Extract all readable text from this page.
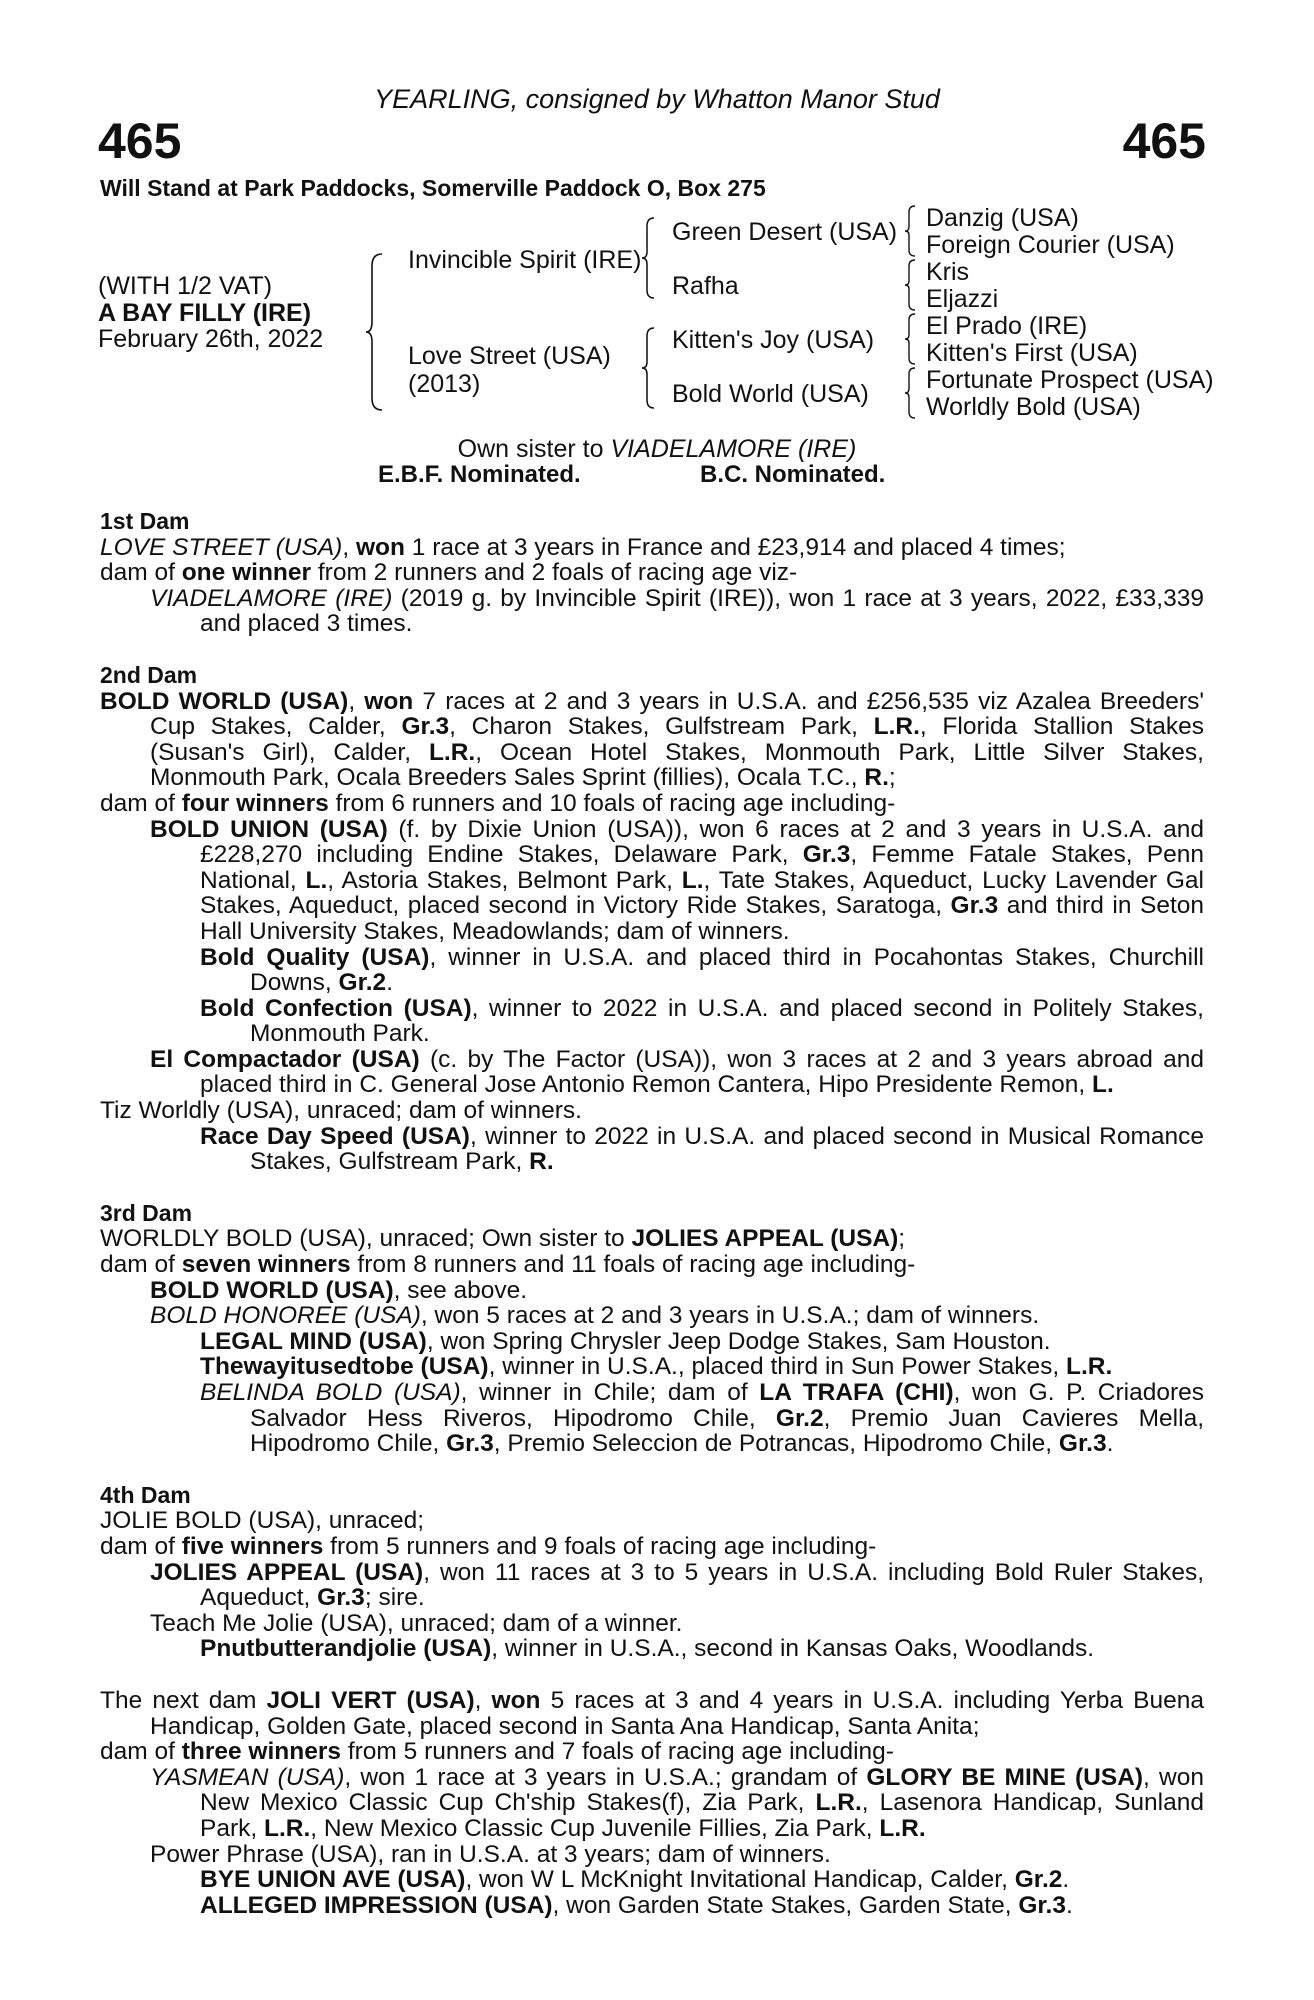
YEARLING, consigned by Whatton Manor Stud
465	465
Will Stand at Park Paddocks, Somerville Paddock O, Box 275
(WITH 1/2 VAT)
A BAY FILLY (IRE)
February 26th, 2022
Invincible Spirit (IRE)
Love Street (USA)
(2013)
Green Desert (USA)
Rafha
Kitten's Joy (USA)
Bold World (USA)
Danzig (USA)
Foreign Courier (USA)
Kris
Eljazzi
El Prado (IRE)
Kitten's First (USA)
Fortunate Prospect (USA)
Worldly Bold (USA)
Own sister to VIADELAMORE (IRE)
E.B.F. Nominated.	B.C. Nominated.
1st Dam
LOVE STREET (USA), won 1 race at 3 years in France and £23,914 and placed 4 times;
dam of one winner from 2 runners and 2 foals of racing age viz-
VIADELAMORE (IRE) (2019 g. by Invincible Spirit (IRE)), won 1 race at 3 years, 2022, £33,339 and placed 3 times.
2nd Dam
BOLD WORLD (USA), won 7 races at 2 and 3 years in U.S.A. and £256,535 viz Azalea Breeders' Cup Stakes, Calder, Gr.3, Charon Stakes, Gulfstream Park, L.R., Florida Stallion Stakes (Susan's Girl), Calder, L.R., Ocean Hotel Stakes, Monmouth Park, Little Silver Stakes, Monmouth Park, Ocala Breeders Sales Sprint (fillies), Ocala T.C., R.;
dam of four winners from 6 runners and 10 foals of racing age including-
BOLD UNION (USA) (f. by Dixie Union (USA)), won 6 races at 2 and 3 years in U.S.A. and £228,270 including Endine Stakes, Delaware Park, Gr.3, Femme Fatale Stakes, Penn National, L., Astoria Stakes, Belmont Park, L., Tate Stakes, Aqueduct, Lucky Lavender Gal Stakes, Aqueduct, placed second in Victory Ride Stakes, Saratoga, Gr.3 and third in Seton Hall University Stakes, Meadowlands; dam of winners.
Bold Quality (USA), winner in U.S.A. and placed third in Pocahontas Stakes, Churchill Downs, Gr.2.
Bold Confection (USA), winner to 2022 in U.S.A. and placed second in Politely Stakes, Monmouth Park.
El Compactador (USA) (c. by The Factor (USA)), won 3 races at 2 and 3 years abroad and placed third in C. General Jose Antonio Remon Cantera, Hipo Presidente Remon, L.
Tiz Worldly (USA), unraced; dam of winners.
Race Day Speed (USA), winner to 2022 in U.S.A. and placed second in Musical Romance Stakes, Gulfstream Park, R.
3rd Dam
WORLDLY BOLD (USA), unraced; Own sister to JOLIES APPEAL (USA);
dam of seven winners from 8 runners and 11 foals of racing age including-
BOLD WORLD (USA), see above.
BOLD HONOREE (USA), won 5 races at 2 and 3 years in U.S.A.; dam of winners.
LEGAL MIND (USA), won Spring Chrysler Jeep Dodge Stakes, Sam Houston.
Thewayitusedtobe (USA), winner in U.S.A., placed third in Sun Power Stakes, L.R.
BELINDA BOLD (USA), winner in Chile; dam of LA TRAFA (CHI), won G. P. Criadores Salvador Hess Riveros, Hipodromo Chile, Gr.2, Premio Juan Cavieres Mella, Hipodromo Chile, Gr.3, Premio Seleccion de Potrancas, Hipodromo Chile, Gr.3.
4th Dam
JOLIE BOLD (USA), unraced;
dam of five winners from 5 runners and 9 foals of racing age including-
JOLIES APPEAL (USA), won 11 races at 3 to 5 years in U.S.A. including Bold Ruler Stakes, Aqueduct, Gr.3; sire.
Teach Me Jolie (USA), unraced; dam of a winner.
Pnutbutterandjolie (USA), winner in U.S.A., second in Kansas Oaks, Woodlands.
The next dam JOLI VERT (USA), won 5 races at 3 and 4 years in U.S.A. including Yerba Buena Handicap, Golden Gate, placed second in Santa Ana Handicap, Santa Anita;
dam of three winners from 5 runners and 7 foals of racing age including-
YASMEAN (USA), won 1 race at 3 years in U.S.A.; grandam of GLORY BE MINE (USA), won New Mexico Classic Cup Ch'ship Stakes(f), Zia Park, L.R., Lasenora Handicap, Sunland Park, L.R., New Mexico Classic Cup Juvenile Fillies, Zia Park, L.R.
Power Phrase (USA), ran in U.S.A. at 3 years; dam of winners.
BYE UNION AVE (USA), won W L McKnight Invitational Handicap, Calder, Gr.2.
ALLEGED IMPRESSION (USA), won Garden State Stakes, Garden State, Gr.3.
